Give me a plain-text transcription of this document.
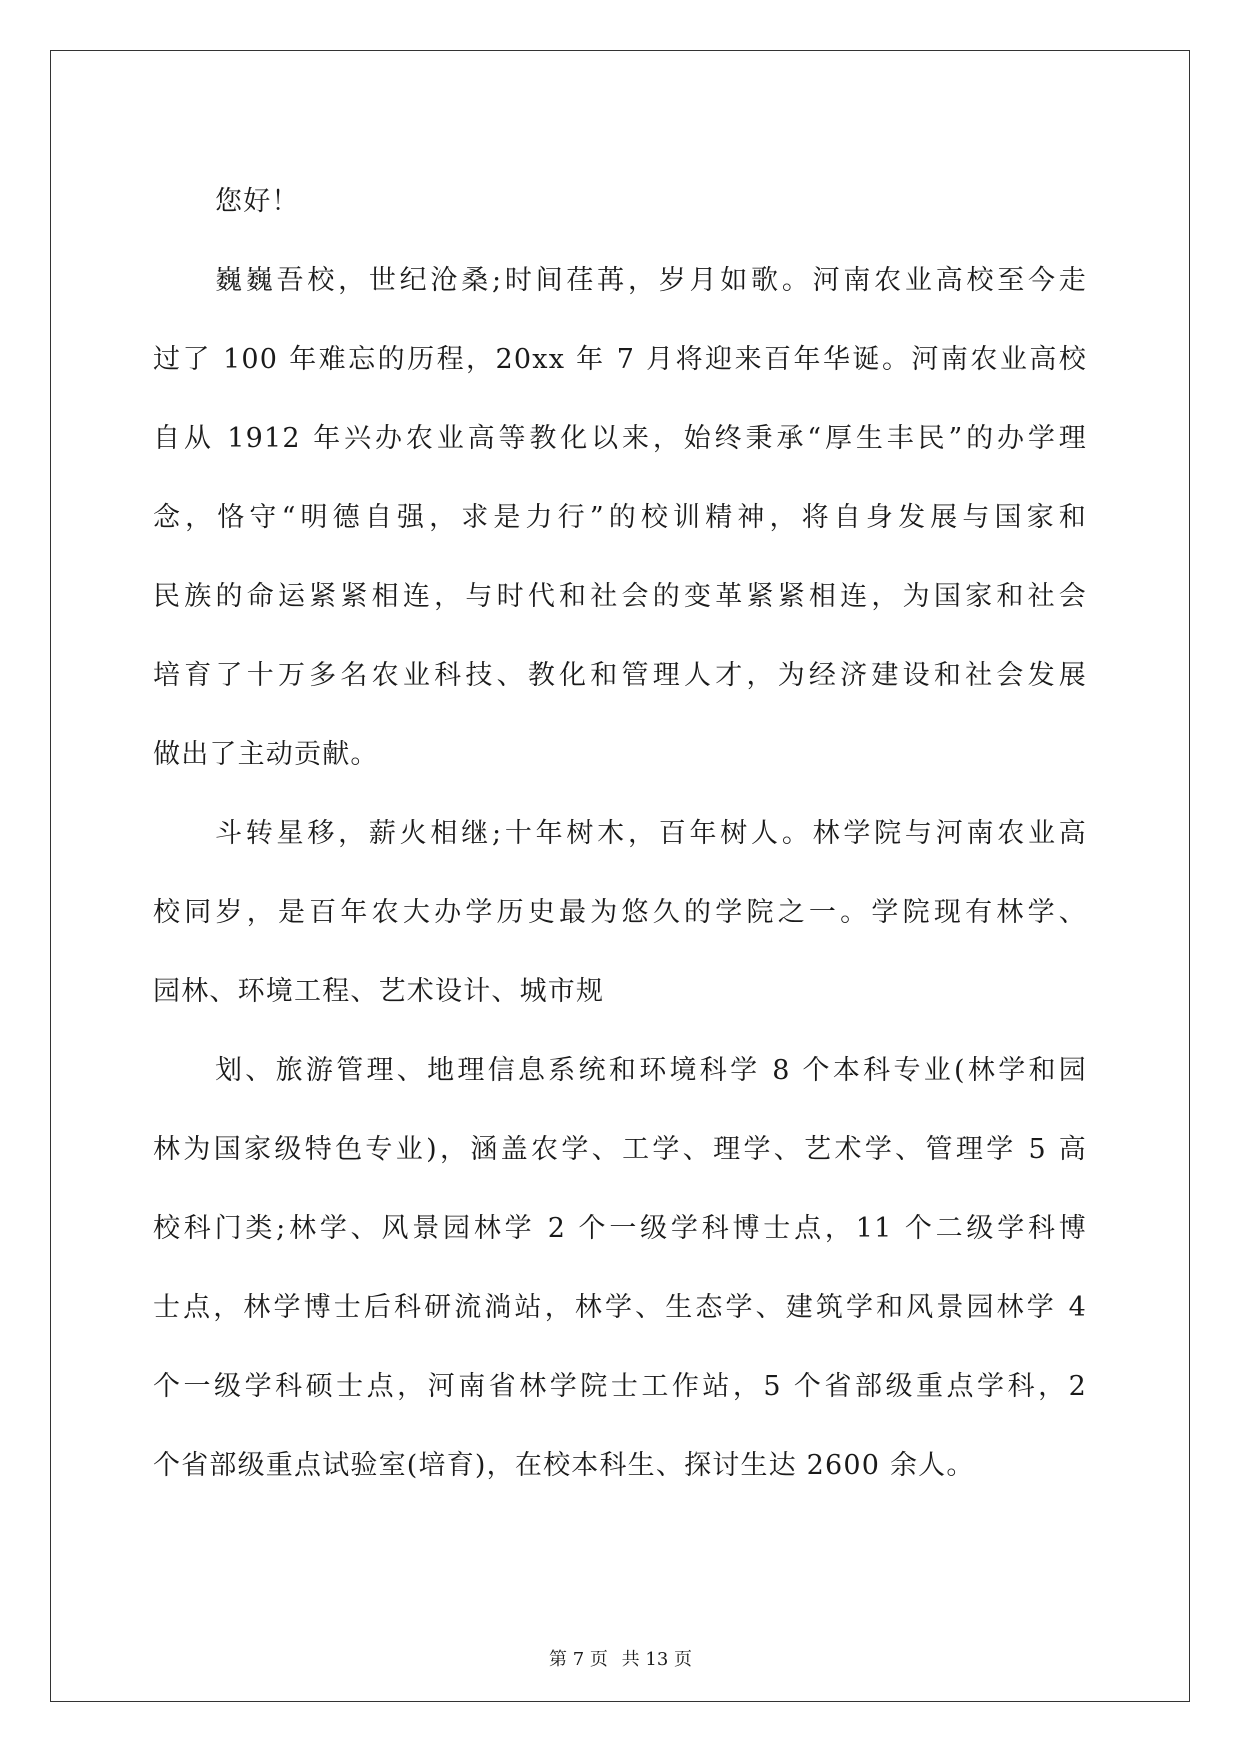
您好！
巍巍吾校，世纪沧桑;时间荏苒，岁月如歌。河南农业高校至今走
过了 100 年难忘的历程，20xx 年 7 月将迎来百年华诞。河南农业高校
自从 1912 年兴办农业高等教化以来，始终秉承“厚生丰民”的办学理
念，恪守“明德自强，求是力行”的校训精神，将自身发展与国家和
民族的命运紧紧相连，与时代和社会的变革紧紧相连，为国家和社会
培育了十万多名农业科技、教化和管理人才，为经济建设和社会发展
做出了主动贡献。
斗转星移，薪火相继;十年树木，百年树人。林学院与河南农业高
校同岁，是百年农大办学历史最为悠久的学院之一。学院现有林学、
园林、环境工程、艺术设计、城市规
划、旅游管理、地理信息系统和环境科学 8 个本科专业(林学和园
林为国家级特色专业)，涵盖农学、工学、理学、艺术学、管理学 5 高
校科门类;林学、风景园林学 2 个一级学科博士点，11 个二级学科博
士点，林学博士后科研流淌站，林学、生态学、建筑学和风景园林学 4
个一级学科硕士点，河南省林学院士工作站，5 个省部级重点学科，2
个省部级重点试验室(培育)，在校本科生、探讨生达 2600 余人。
第 7 页 共 13 页
